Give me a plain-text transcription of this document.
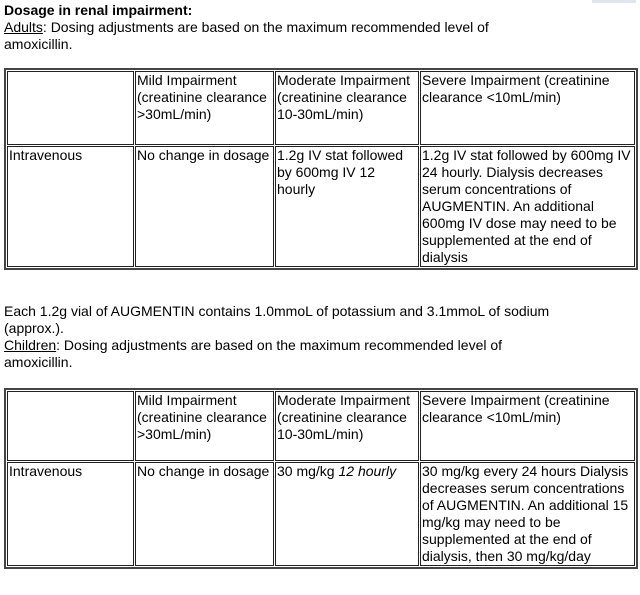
Dosage in renal impairment:
Adults: Dosing adjustments are based on the maximum recommended level of amoxicillin.
	Mild Impairment (creatinine clearance >30mL/min)	Moderate Impairment (creatinine clearance 10-30mL/min)	Severe Impairment (creatinine clearance <10mL/min)
Intravenous	No change in dosage	1.2g IV stat followed by 600mg IV 12 hourly	1.2g IV stat followed by 600mg IV 24 hourly. Dialysis decreases serum concentrations of AUGMENTIN. An additional 600mg IV dose may need to be supplemented at the end of dialysis
Each 1.2g vial of AUGMENTIN contains 1.0mmoL of potassium and 3.1mmoL of sodium (approx.).
Children: Dosing adjustments are based on the maximum recommended level of amoxicillin.
	Mild Impairment (creatinine clearance >30mL/min)	Moderate Impairment (creatinine clearance 10-30mL/min)	Severe Impairment (creatinine clearance <10mL/min)
Intravenous	No change in dosage	30 mg/kg 12 hourly	30 mg/kg every 24 hours Dialysis decreases serum concentrations of AUGMENTIN. An additional 15 mg/kg may need to be supplemented at the end of dialysis, then 30 mg/kg/day
